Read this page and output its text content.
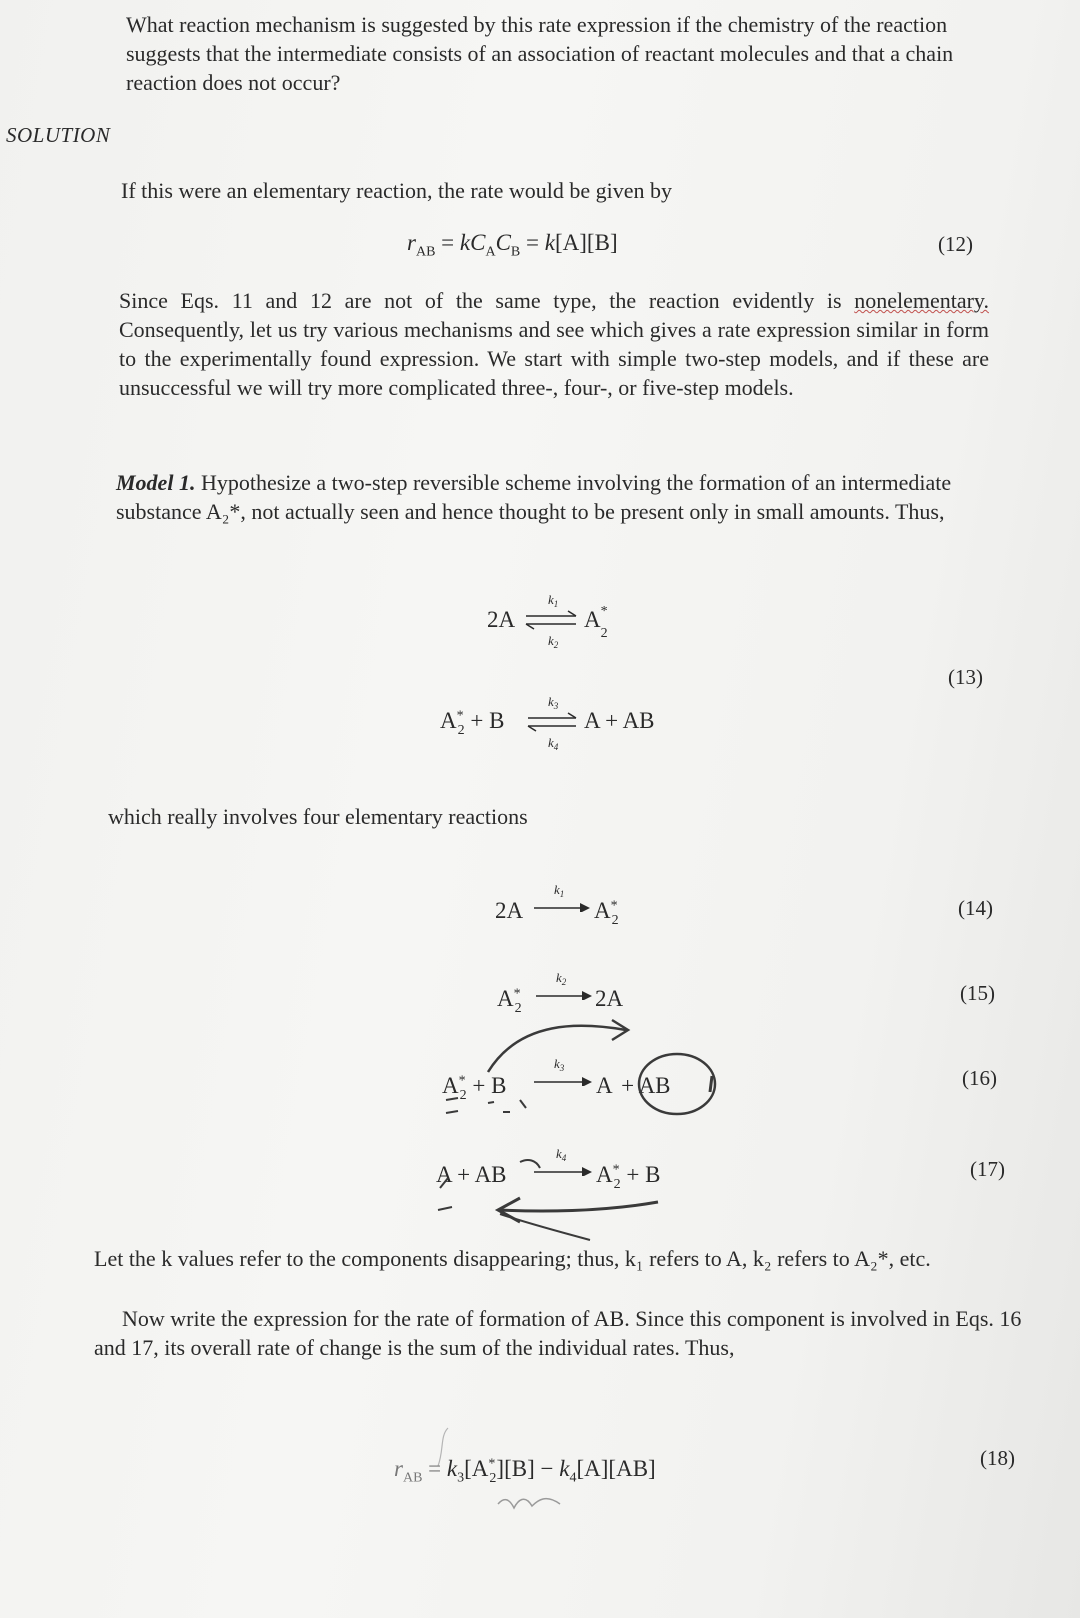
What reaction mechanism is suggested by this rate expression if the chemistry of the reaction suggests that the intermediate consists of an association of reactant molecules and that a chain reaction does not occur?
SOLUTION
If this were an elementary reaction, the rate would be given by
$r_{AB} = kC_AC_B = k[A][B]$	(12)
Since Eqs. 11 and 12 are not of the same type, the reaction evidently is nonelementary. Consequently, let us try various mechanisms and see which gives a rate expression similar in form to the experimentally found expression. We start with simple two-step models, and if these are unsuccessful we will try more complicated three-, four-, or five-step models.
Model 1. Hypothesize a two-step reversible scheme involving the formation of an intermediate substance A₂*, not actually seen and hence thought to be present only in small amounts. Thus,
2A
$k_1$
$k_2$
$A^*_2$
(13)
$A^*_2 + B$
$k_3$
$k_4$
A + AB
which really involves four elementary reactions
2A
$k_1$
$A^*_2$
(14)
$A^*_2$
$k_2$
2A	(15)
$A^*_2 + B$
$k_3$
A + AB	(16)
A + AB
$k_4$
$A^*_2 + B$	(17)
Let the k values refer to the components disappearing; thus, k₁ refers to A, k₂ refers to A₂*, etc.
Now write the expression for the rate of formation of AB. Since this component is involved in Eqs. 16 and 17, its overall rate of change is the sum of the individual rates. Thus,
$r_{AB} = k_3[A^*_2][B] - k_4[A][AB]$	(18)
